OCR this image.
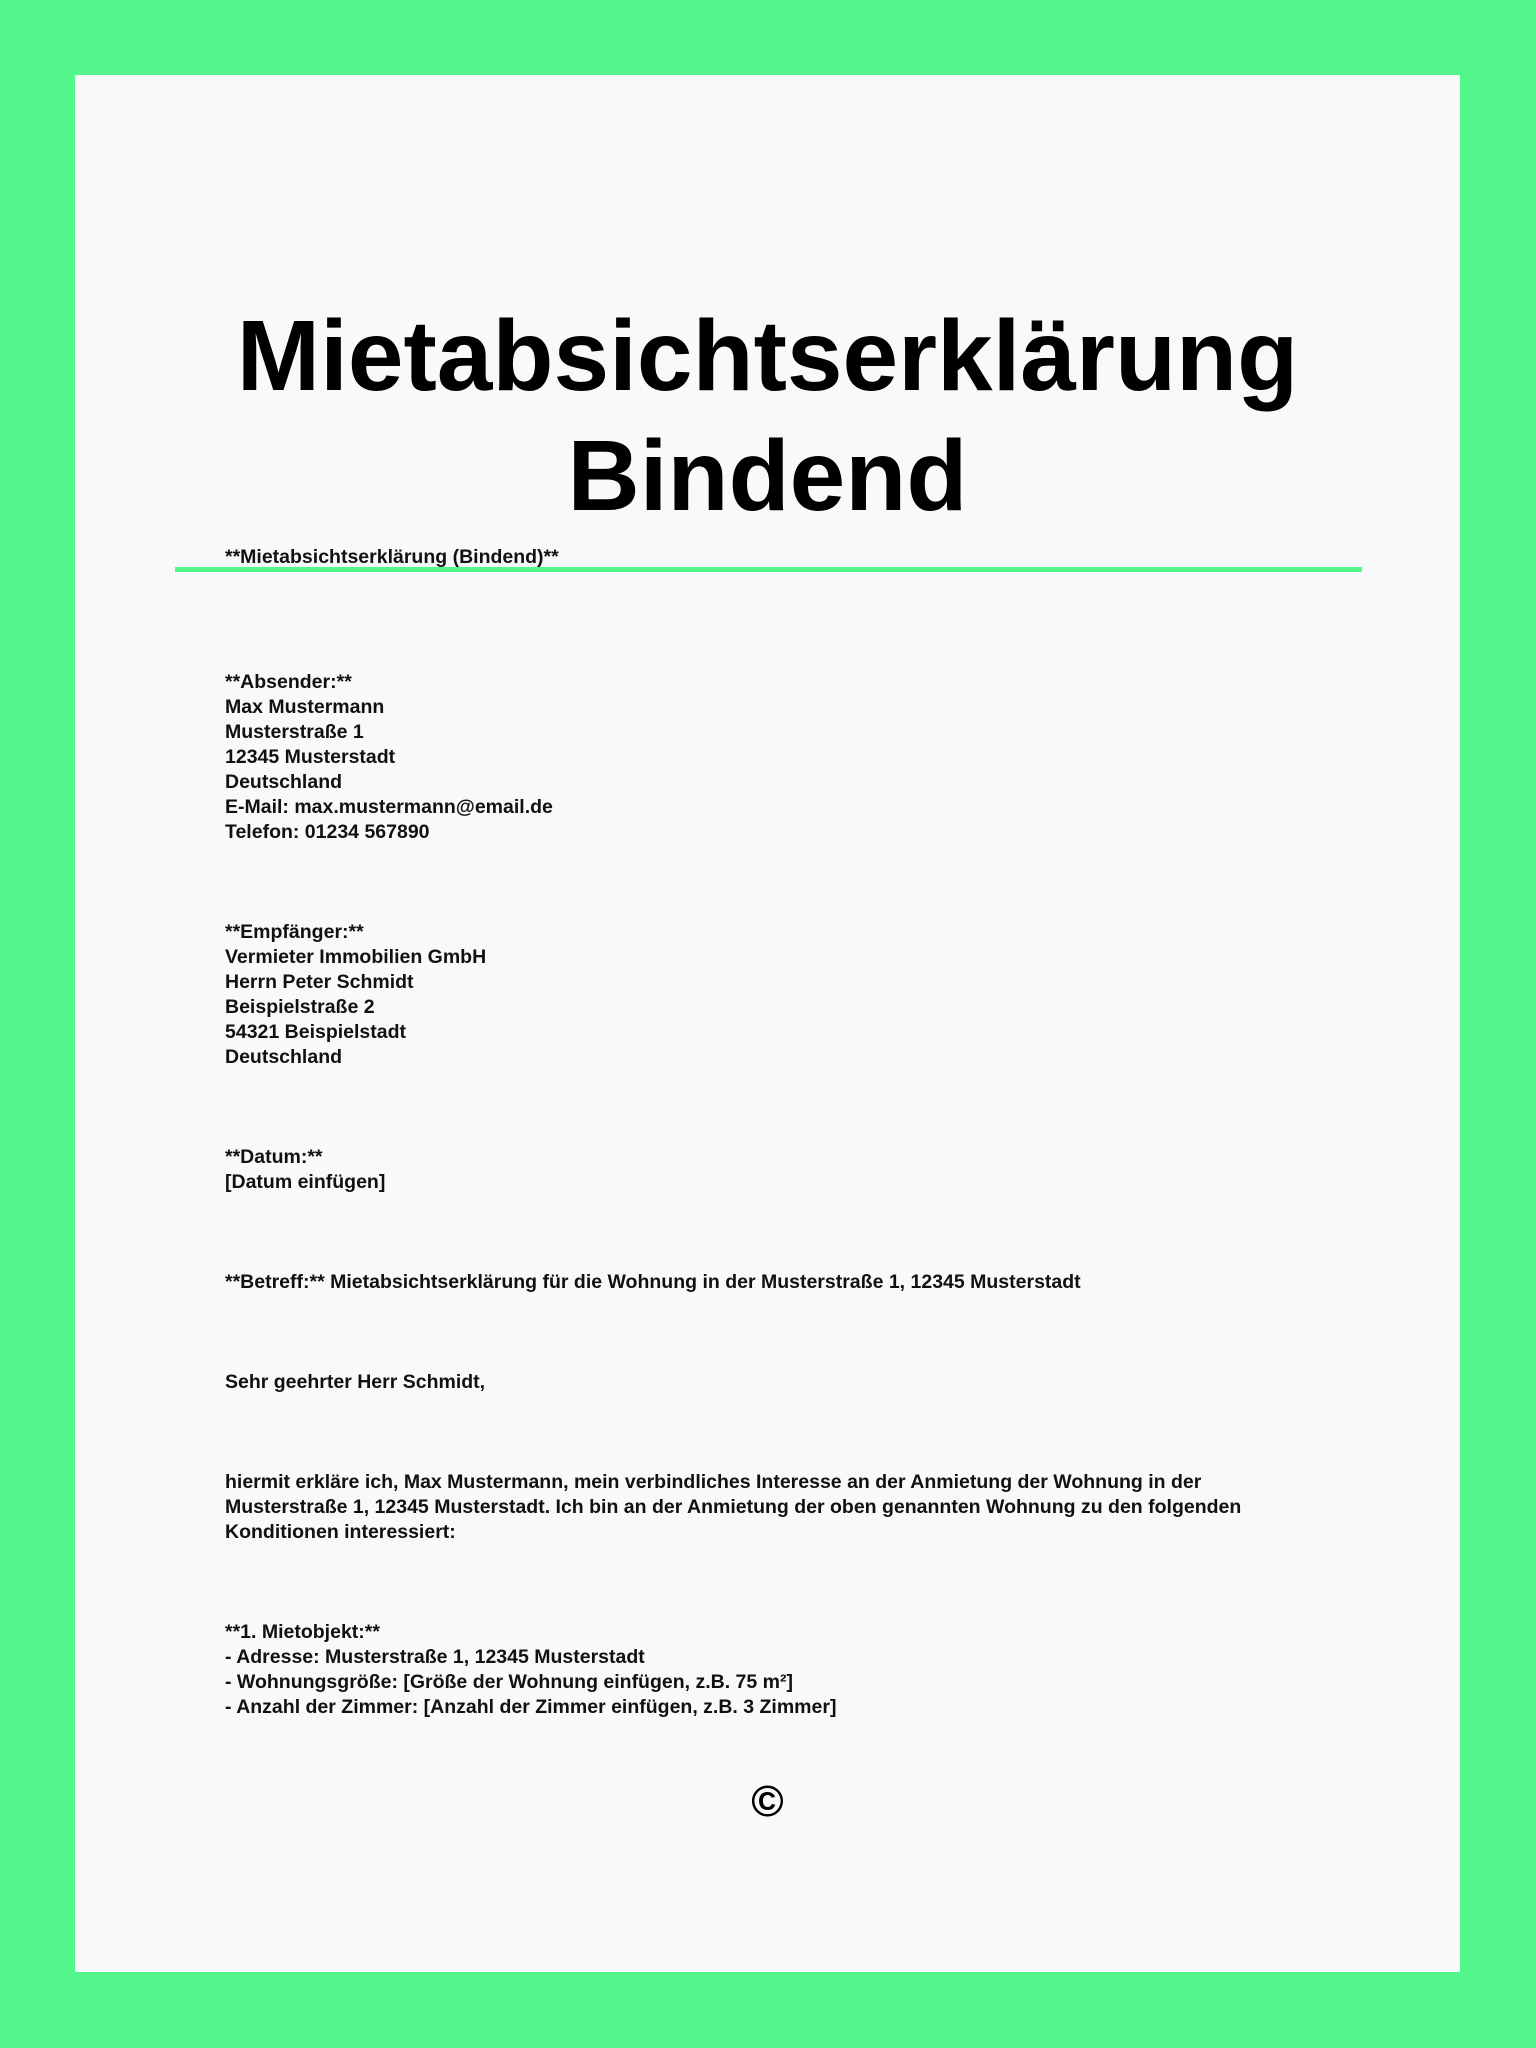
Mietabsichtserklärung
Bindend
**Mietabsichtserklärung (Bindend)**
**Absender:**
Max Mustermann
Musterstraße 1
12345 Musterstadt
Deutschland
E-Mail: max.mustermann@email.de
Telefon: 01234 567890
**Empfänger:**
Vermieter Immobilien GmbH
Herrn Peter Schmidt
Beispielstraße 2
54321 Beispielstadt
Deutschland
**Datum:**
[Datum einfügen]
**Betreff:** Mietabsichtserklärung für die Wohnung in der Musterstraße 1, 12345 Musterstadt
Sehr geehrter Herr Schmidt,
hiermit erkläre ich, Max Mustermann, mein verbindliches Interesse an der Anmietung der Wohnung in der
Musterstraße 1, 12345 Musterstadt. Ich bin an der Anmietung der oben genannten Wohnung zu den folgenden
Konditionen interessiert:
**1. Mietobjekt:**
- Adresse: Musterstraße 1, 12345 Musterstadt
- Wohnungsgröße: [Größe der Wohnung einfügen, z.B. 75 m²]
- Anzahl der Zimmer: [Anzahl der Zimmer einfügen, z.B. 3 Zimmer]
©
